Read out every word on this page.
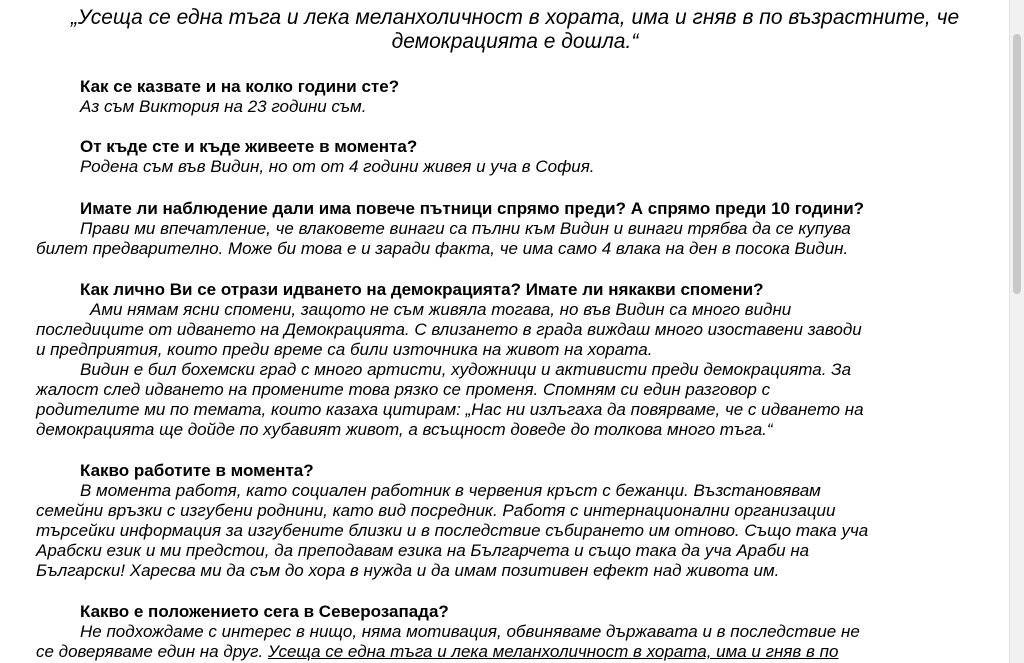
„Усеща се една тъга и лека меланхоличност в хората, има и гняв в по възрастните, че демокрацията е дошла.“
Как се казвате и на колко години сте?
Аз съм Виктория на 23 години съм.
От къде сте и къде живеете в момента?
Родена съм във Видин, но от от 4 години живея и уча в София.
Имате ли наблюдение дали има повече пътници спрямо преди? А спрямо преди 10 години?
Прави ми впечатление, че влаковете винаги са пълни към Видин и винаги трябва да се купува
билет предварително. Може би това е и заради факта, че има само 4 влака на ден в посока Видин.
Как лично Ви се отрази идването на демокрацията? Имате ли някакви спомени?
Ами нямам ясни спомени, защото не съм живяла тогава, но във Видин са много видни
последиците от идването на Демокрацията. С влизането в града виждаш много изоставени заводи
и предприятия, които преди време са били източника на живот на хората.
Видин е бил бохемски град с много артисти, художници и активисти преди демокрацията. За
жалост след идването на промените това рязко се променя. Спомням си един разговор с
родителите ми по темата, които казаха цитирам: „Нас ни излъгаха да повярваме, че с идването на
демокрацията ще дойде по хубавият живот, а всъщност доведе до толкова много тъга.“
Какво работите в момента?
В момента работя, като социален работник в червения кръст с бежанци. Възстановявам
семейни връзки с изгубени роднини, като вид посредник. Работя с интернационални организации
търсейки информация за изгубените близки и в последствие събирането им отново. Също така уча
Арабски език и ми предстои, да преподавам езика на Българчета и също така да уча Араби на
Български! Харесва ми да съм до хора в нужда и да имам позитивен ефект над живота им.
Какво е положението сега в Северозапада?
Не подхождаме с интерес в нищо, няма мотивация, обвиняваме държавата и в последствие не
се доверяваме един на друг. Усеща се една тъга и лека меланхоличност в хората, има и гняв в по
